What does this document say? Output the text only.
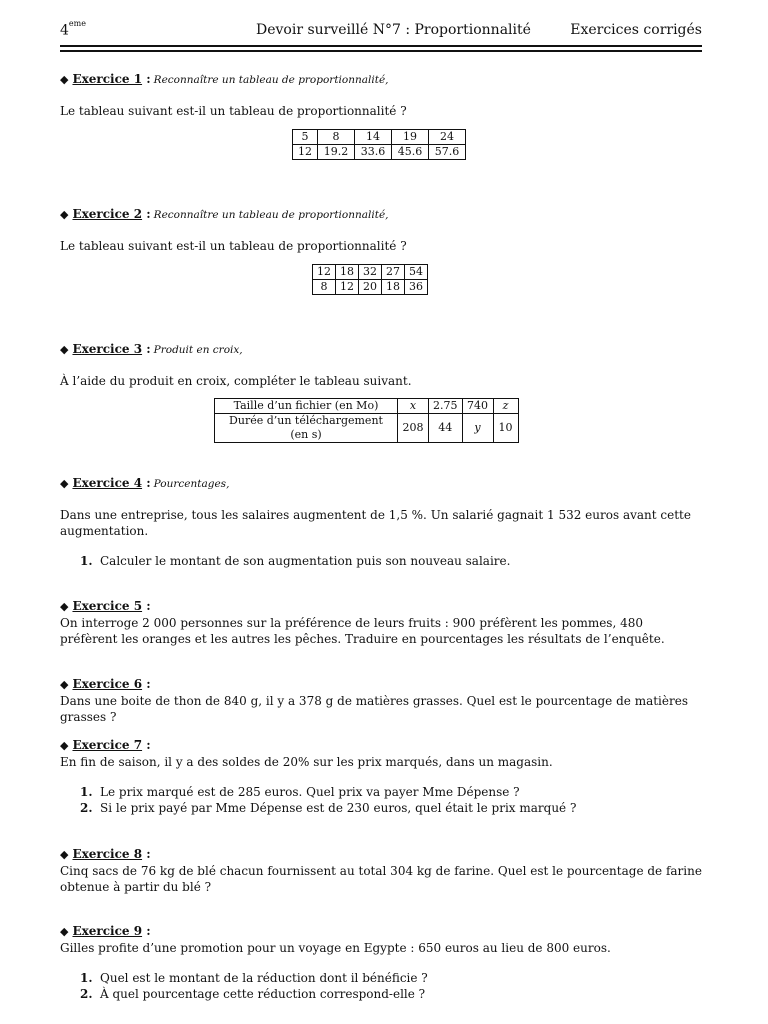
4eme	Devoir surveillé N°7 : Proportionnalité	Exercices corrigés
◆ Exercice 1 : Reconnaître un tableau de proportionnalité,
Le tableau suivant est-il un tableau de proportionnalité ?
5	8	14	19	24
12	19.2	33.6	45.6	57.6
◆ Exercice 2 : Reconnaître un tableau de proportionnalité,
Le tableau suivant est-il un tableau de proportionnalité ?
12	18	32	27	54
8	12	20	18	36
◆ Exercice 3 : Produit en croix,
À l’aide du produit en croix, compléter le tableau suivant.
Taille d’un fichier (en Mo)	x	2.75	740	z
Durée d’un téléchargement (en s)	208	44	y	10
◆ Exercice 4 : Pourcentages,
Dans une entreprise, tous les salaires augmentent de 1,5 %. Un salarié gagnait 1 532 euros avant cette augmentation.
1. Calculer le montant de son augmentation puis son nouveau salaire.
◆ Exercice 5 :
On interroge 2 000 personnes sur la préférence de leurs fruits : 900 préfèrent les pommes, 480 préfèrent les oranges et les autres les pêches. Traduire en pourcentages les résultats de l’enquête.
◆ Exercice 6 :
Dans une boite de thon de 840 g, il y a 378 g de matières grasses. Quel est le pourcentage de matières grasses ?
◆ Exercice 7 :
En fin de saison, il y a des soldes de 20% sur les prix marqués, dans un magasin.
1. Le prix marqué est de 285 euros. Quel prix va payer Mme Dépense ?
2. Si le prix payé par Mme Dépense est de 230 euros, quel était le prix marqué ?
◆ Exercice 8 :
Cinq sacs de 76 kg de blé chacun fournissent au total 304 kg de farine. Quel est le pourcentage de farine obtenue à partir du blé ?
◆ Exercice 9 :
Gilles profite d’une promotion pour un voyage en Egypte : 650 euros au lieu de 800 euros.
1. Quel est le montant de la réduction dont il bénéficie ?
2. À quel pourcentage cette réduction correspond-elle ?
